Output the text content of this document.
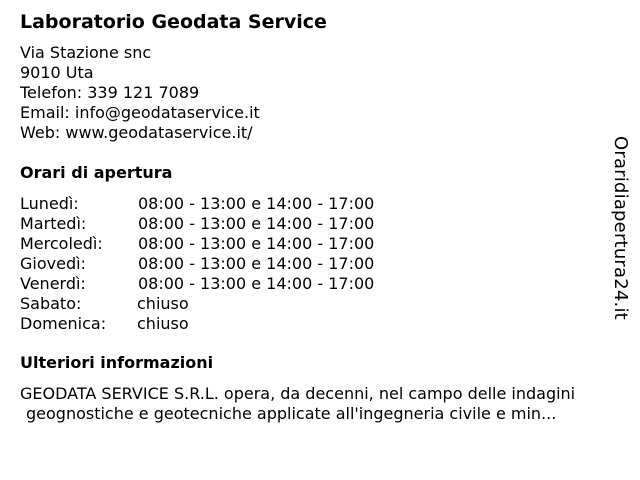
Laboratorio Geodata Service
Via Stazione snc
9010 Uta
Telefon: 339 121 7089
Email: info@geodataservice.it
Web: www.geodataservice.it/
Orari di apertura
Lunedì:	08:00 - 13:00 e 14:00 - 17:00
Martedì:	08:00 - 13:00 e 14:00 - 17:00
Mercoledì: 08:00 - 13:00 e 14:00 - 17:00
Giovedì:	08:00 - 13:00 e 14:00 - 17:00
Venerdì:	08:00 - 13:00 e 14:00 - 17:00
Sabato:	chiuso
Domenica: chiuso
Ulteriori informazioni
GEODATA SERVICE S.R.L. opera, da decenni, nel campo delle indagini
geognostiche e geotecniche applicate all'ingegneria civile e min...
Oraridiapertura24.it
